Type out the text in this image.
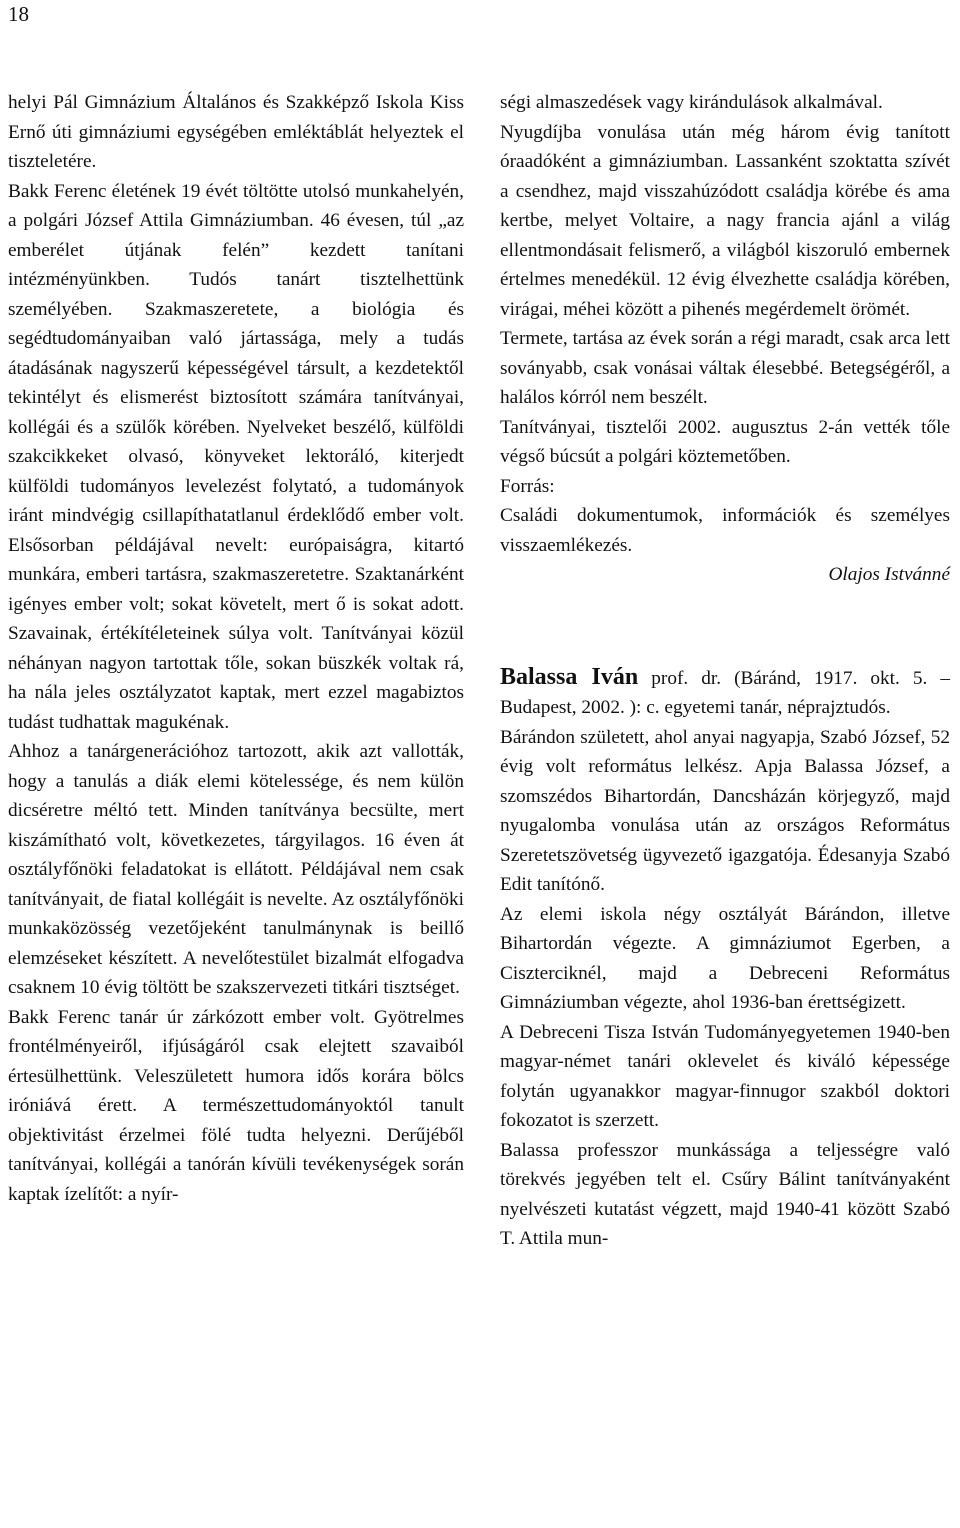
18

helyi Pál Gimnázium Általános és Szakképző Iskola Kiss Ernő úti gimnáziumi egységében emléktáblát helyeztek el tiszteletére.

Bakk Ferenc életének 19 évét töltötte utolsó munkahelyén, a polgári József Attila Gimnáziumban. 46 évesen, túl „az emberélet útjának felén” kezdett tanítani intézményünkben. Tudós tanárt tisztelhettünk személyében. Szakmaszeretete, a biológia és segédtudományaiban való jártassága, mely a tudás átadásának nagyszerű képességével társult, a kezdetektől tekintélyt és elismerést biztosított számára tanítványai, kollégái és a szülők körében. Nyelveket beszélő, külföldi szakcikkeket olvasó, könyveket lektoráló, kiterjedt külföldi tudományos levelezést folytató, a tudományok iránt mindvégig csillapíthatatlanul érdeklődő ember volt. Elsősorban példájával nevelt: európaiságra, kitartó munkára, emberi tartásra, szakmaszeretetre. Szaktanárként igényes ember volt; sokat követelt, mert ő is sokat adott. Szavainak, értékítéleteinek súlya volt. Tanítványai közül néhányan nagyon tartottak tőle, sokan büszkék voltak rá, ha nála jeles osztályzatot kaptak, mert ezzel magabiztos tudást tudhattak magukénak.

Ahhoz a tanárgenerációhoz tartozott, akik azt vallották, hogy a tanulás a diák elemi kötelessége, és nem külön dicséretre méltó tett. Minden tanítványa becsülte, mert kiszámítható volt, következetes, tárgyilagos. 16 éven át osztályfőnöki feladatokat is ellátott. Példájával nem csak tanítványait, de fiatal kollégáit is nevelte. Az osztályfőnöki munkaközösség vezetőjeként tanulmánynak is beillő elemzéseket készített. A nevelőtestület bizalmát elfogadva csaknem 10 évig töltött be szakszervezeti titkári tisztséget.

Bakk Ferenc tanár úr zárkózott ember volt. Gyötrelmes frontélményeiről, ifjúságáról csak elejtett szavaiból értesülhettünk. Veleszületett humora idős korára bölcs iróniává érett. A természettudományoktól tanult objektivitást érzelmei fölé tudta helyezni. Derűjéből tanítványai, kollégái a tanórán kívüli tevékenységek során kaptak ízelítőt: a nyír-

ségi almaszedések vagy kirándulások alkalmával.

Nyugdíjba vonulása után még három évig tanított óraadóként a gimnáziumban. Lassanként szoktatta szívét a csendhez, majd visszahúzódott családja körébe és ama kertbe, melyet Voltaire, a nagy francia ajánl a világ ellentmondásait felismerő, a világból kiszoruló embernek értelmes menedékül. 12 évig élvezhette családja körében, virágai, méhei között a pihenés megérdemelt örömét.

Termete, tartása az évek során a régi maradt, csak arca lett soványabb, csak vonásai váltak élesebbé. Betegségéről, a halálos kórról nem beszélt.

Tanítványai, tisztelői 2002. augusztus 2-án vették tőle végső búcsút a polgári köztemetőben.

Forrás:

Családi dokumentumok, információk és személyes visszaemlékezés.

Olajos Istvánné

Balassa Iván prof. dr. (Báránd, 1917. okt. 5. – Budapest, 2002. ): c. egyetemi tanár, néprajztudós.

Bárándon született, ahol anyai nagyapja, Szabó József, 52 évig volt református lelkész. Apja Balassa József, a szomszédos Bihartordán, Dancsházán körjegyző, majd nyugalomba vonulása után az országos Református Szeretetszövetség ügyvezető igazgatója. Édesanyja Szabó Edit tanítónő.

Az elemi iskola négy osztályát Bárándon, illetve Bihartordán végezte. A gimnáziumot Egerben, a Ciszterciknél, majd a Debreceni Református Gimnáziumban végezte, ahol 1936-ban érettségizett.

A Debreceni Tisza István Tudományegyetemen 1940-ben magyar-német tanári oklevelet és kiváló képessége folytán ugyanakkor magyar-finnugor szakból doktori fokozatot is szerzett.

Balassa professzor munkássága a teljességre való törekvés jegyében telt el. Csűry Bálint tanítványaként nyelvészeti kutatást végzett, majd 1940-41 között Szabó T. Attila mun-
